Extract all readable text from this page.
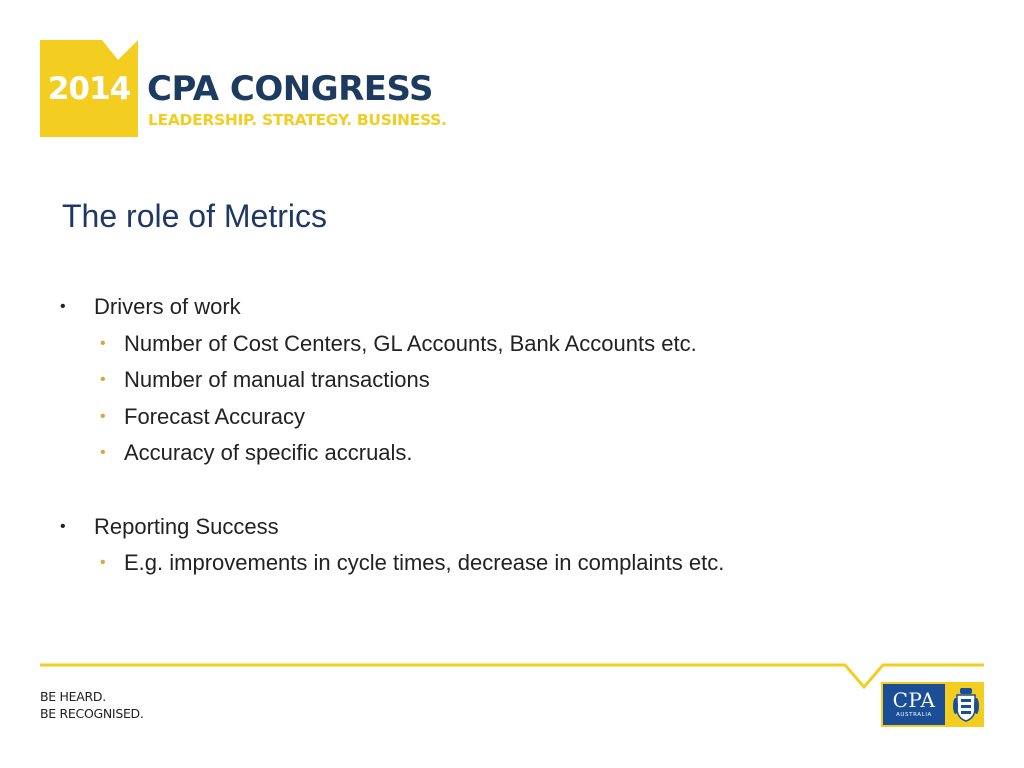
2014 CPA CONGRESS
LEADERSHIP. STRATEGY. BUSINESS.
The role of Metrics
• Drivers of work
• Number of Cost Centers, GL Accounts, Bank Accounts etc.
• Number of manual transactions
• Forecast Accuracy
• Accuracy of specific accruals.
• Reporting Success
• E.g. improvements in cycle times, decrease in complaints etc.
BE HEARD.
BE RECOGNISED.
CPA
AUSTRALIA
